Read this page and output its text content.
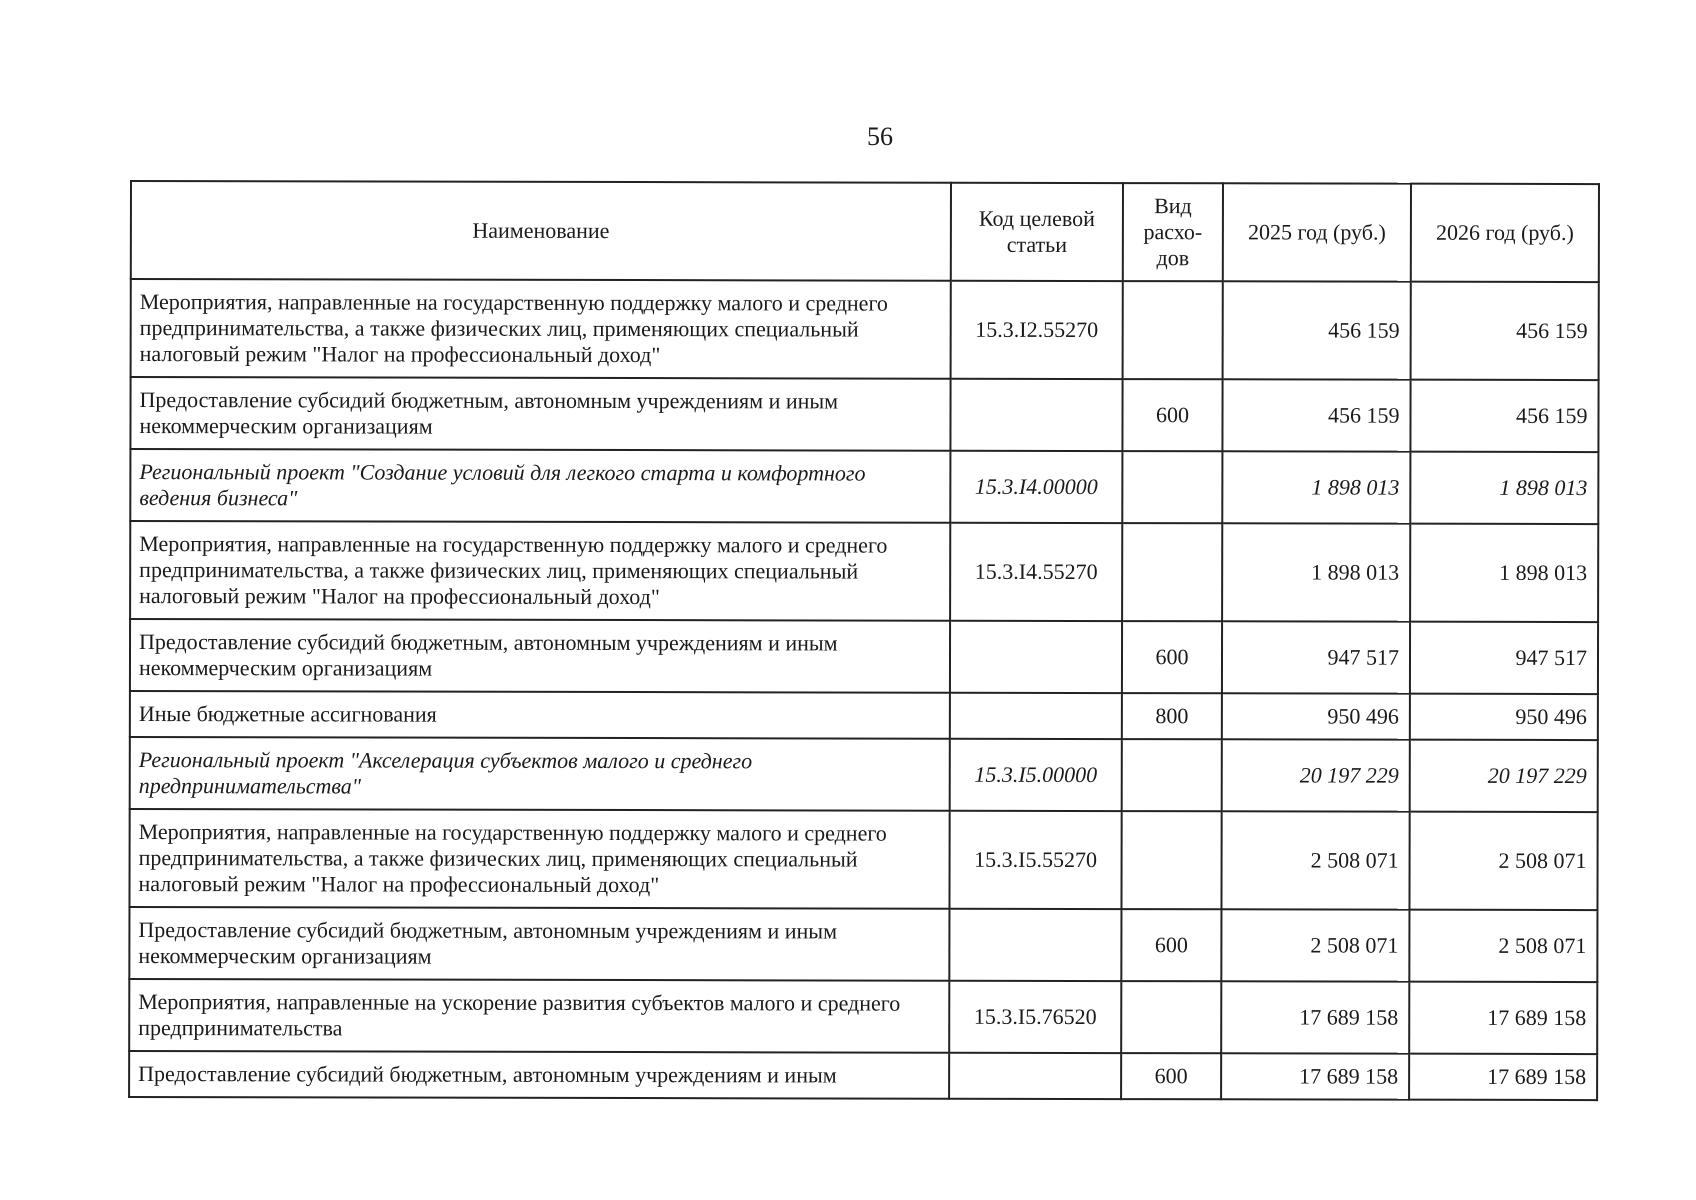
56
Наименование	Код целевой статьи	Вид расхо-дов	2025 год (руб.)	2026 год (руб.)
Мероприятия, направленные на государственную поддержку малого и среднего предпринимательства, а также физических лиц, применяющих специальный налоговый режим "Налог на профессиональный доход"	15.3.I2.55270		456 159	456 159
Предоставление субсидий бюджетным, автономным учреждениям и иным некоммерческим организациям		600	456 159	456 159
Региональный проект "Создание условий для легкого старта и комфортного ведения бизнеса"	15.3.I4.00000		1 898 013	1 898 013
Мероприятия, направленные на государственную поддержку малого и среднего предпринимательства, а также физических лиц, применяющих специальный налоговый режим "Налог на профессиональный доход"	15.3.I4.55270		1 898 013	1 898 013
Предоставление субсидий бюджетным, автономным учреждениям и иным некоммерческим организациям		600	947 517	947 517
Иные бюджетные ассигнования		800	950 496	950 496
Региональный проект "Акселерация субъектов малого и среднего предпринимательства"	15.3.I5.00000		20 197 229	20 197 229
Мероприятия, направленные на государственную поддержку малого и среднего предпринимательства, а также физических лиц, применяющих специальный налоговый режим "Налог на профессиональный доход"	15.3.I5.55270		2 508 071	2 508 071
Предоставление субсидий бюджетным, автономным учреждениям и иным некоммерческим организациям		600	2 508 071	2 508 071
Мероприятия, направленные на ускорение развития субъектов малого и среднего предпринимательства	15.3.I5.76520		17 689 158	17 689 158
Предоставление субсидий бюджетным, автономным учреждениям и иным		600	17 689 158	17 689 158
